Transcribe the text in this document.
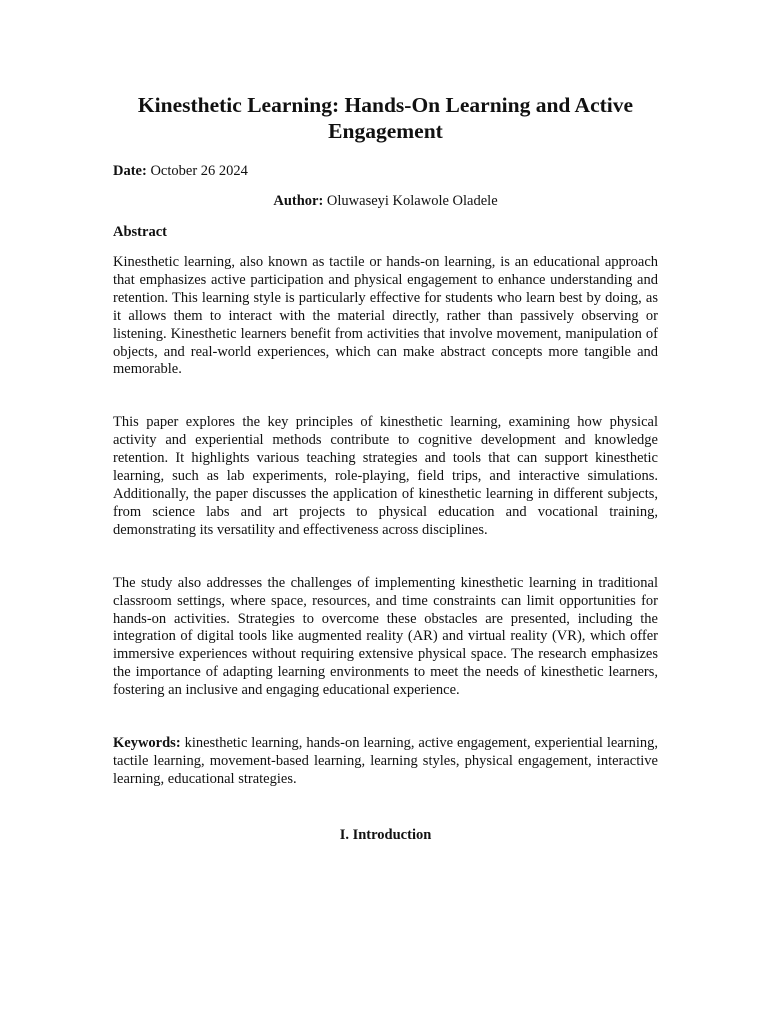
Kinesthetic Learning: Hands-On Learning and Active Engagement
Date: October 26 2024
Author: Oluwaseyi Kolawole Oladele
Abstract

Kinesthetic learning, also known as tactile or hands-on learning, is an educational approach that emphasizes active participation and physical engagement to enhance understanding and retention. This learning style is particularly effective for students who learn best by doing, as it allows them to interact with the material directly, rather than passively observing or listening. Kinesthetic learners benefit from activities that involve movement, manipulation of objects, and real-world experiences, which can make abstract concepts more tangible and memorable.

This paper explores the key principles of kinesthetic learning, examining how physical activity and experiential methods contribute to cognitive development and knowledge retention. It highlights various teaching strategies and tools that can support kinesthetic learning, such as lab experiments, role-playing, field trips, and interactive simulations. Additionally, the paper discusses the application of kinesthetic learning in different subjects, from science labs and art projects to physical education and vocational training, demonstrating its versatility and effectiveness across disciplines.

The study also addresses the challenges of implementing kinesthetic learning in traditional classroom settings, where space, resources, and time constraints can limit opportunities for hands-on activities. Strategies to overcome these obstacles are presented, including the integration of digital tools like augmented reality (AR) and virtual reality (VR), which offer immersive experiences without requiring extensive physical space. The research emphasizes the importance of adapting learning environments to meet the needs of kinesthetic learners, fostering an inclusive and engaging educational experience.

Keywords: kinesthetic learning, hands-on learning, active engagement, experiential learning, tactile learning, movement-based learning, learning styles, physical engagement, interactive learning, educational strategies.

I. Introduction
